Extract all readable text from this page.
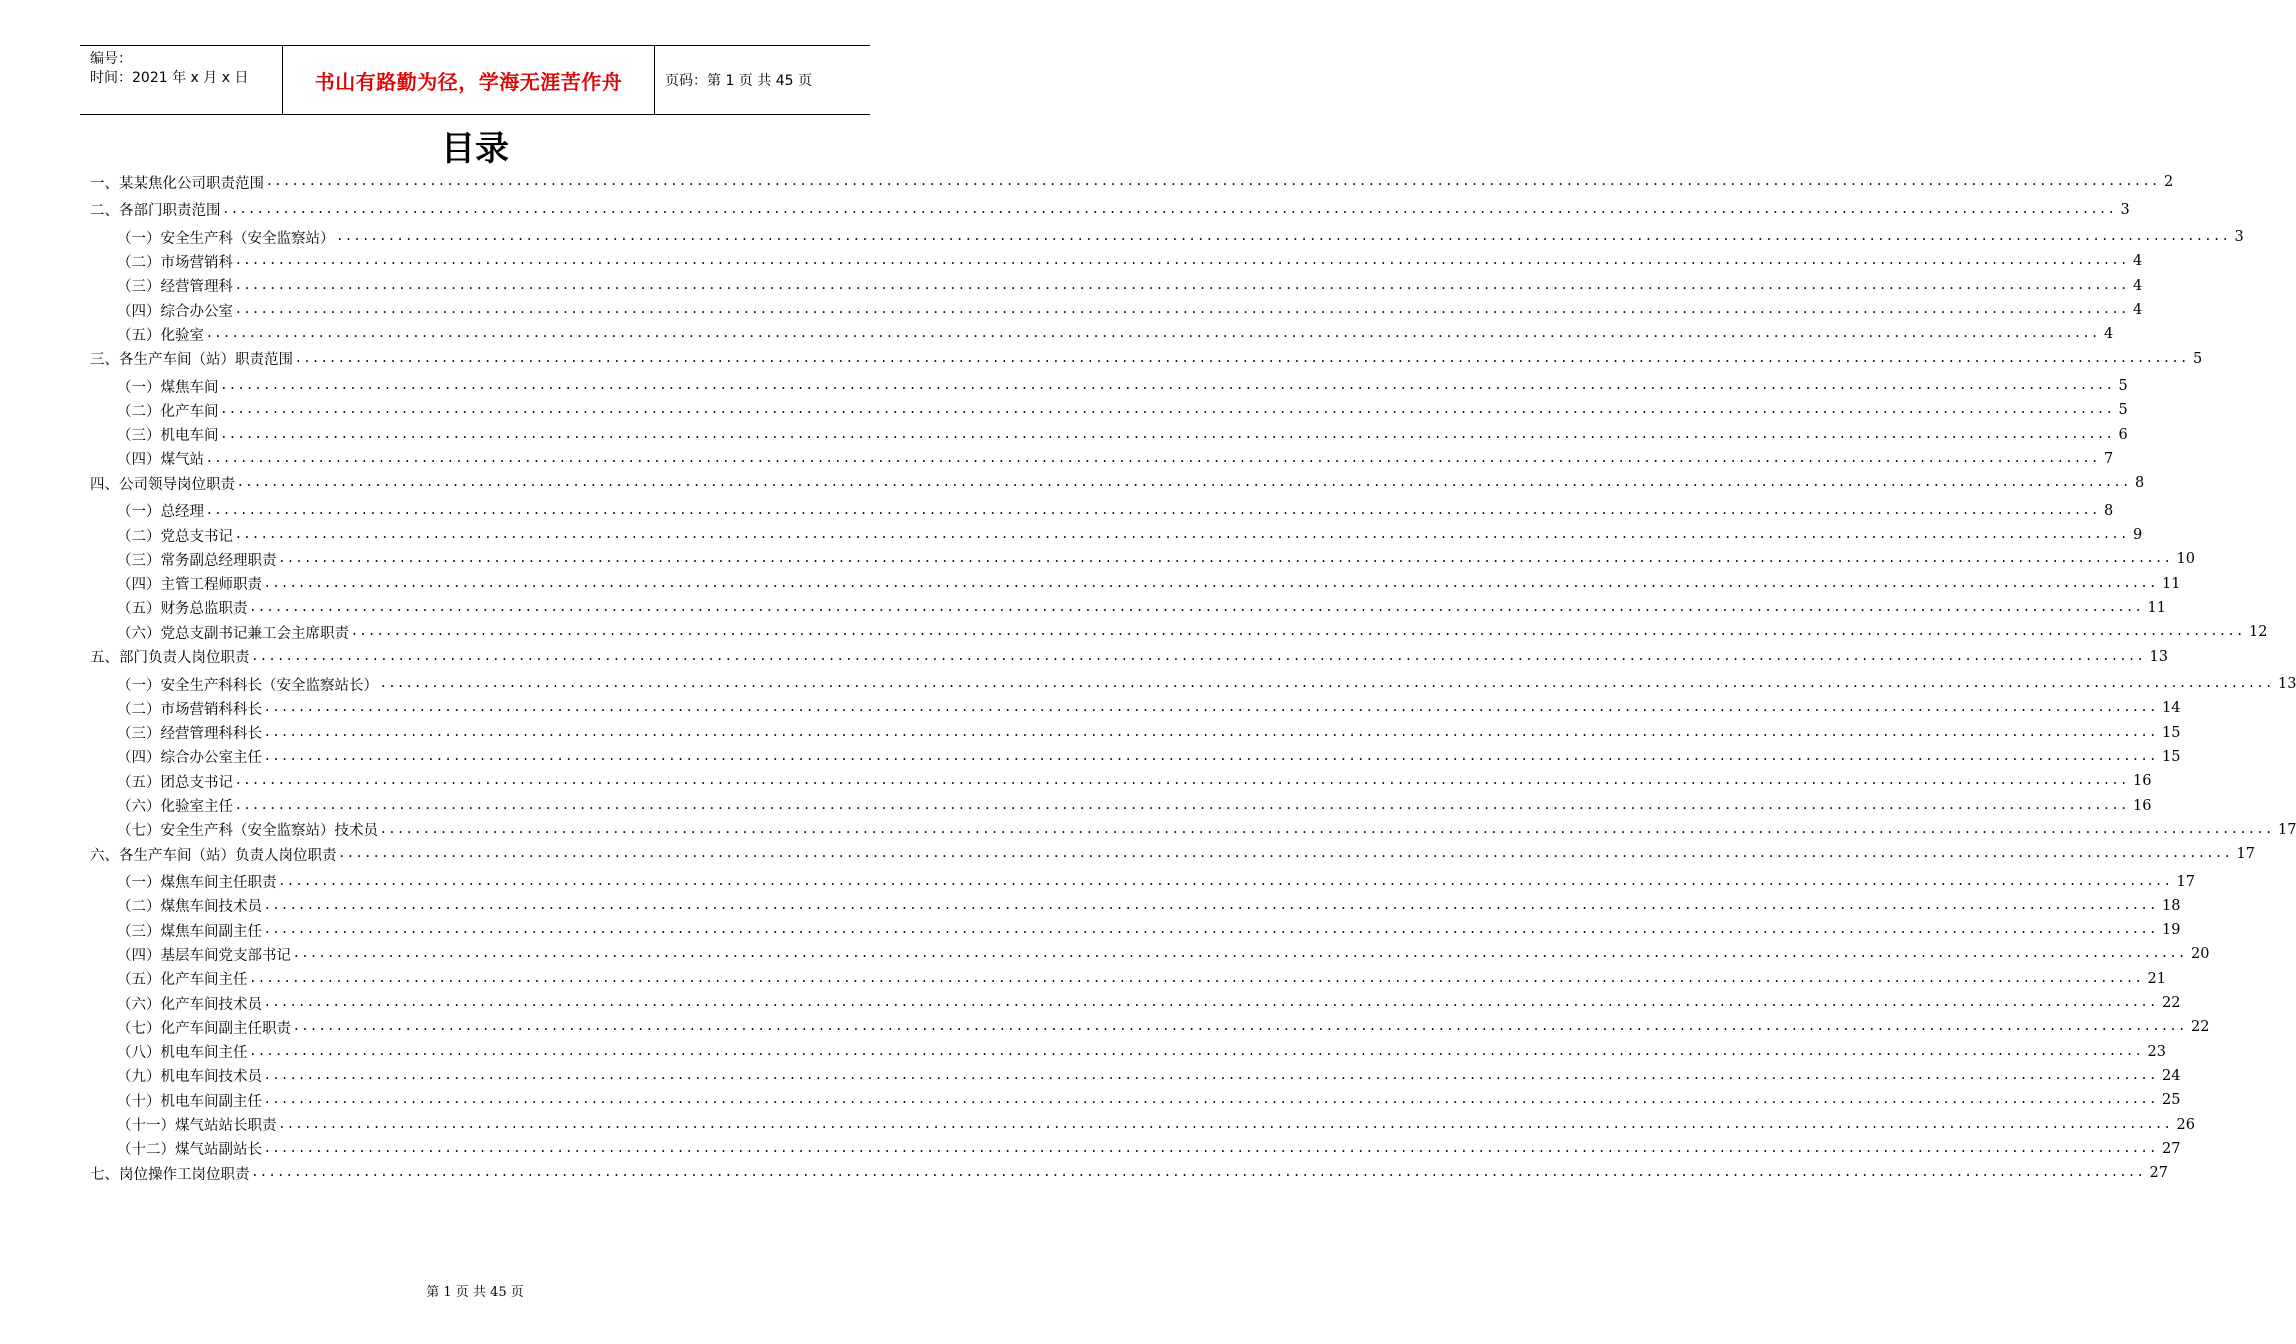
编号：
时间：2021 年 x 月 x 日	书山有路勤为径，学海无涯苦作舟	页码：第 1 页 共 45 页
目录
一、某某焦化公司职责范围 ............................................................................................................................................................................................................................ 2
二、各部门职责范围 ............................................................................................................................................................................................................................ 3
（一）安全生产科（安全监察站） ............................................................................................................................................................................................................................ 3
（二）市场营销科 ............................................................................................................................................................................................................................ 4
（三）经营管理科 ............................................................................................................................................................................................................................ 4
（四）综合办公室 ............................................................................................................................................................................................................................ 4
（五）化验室 ............................................................................................................................................................................................................................ 4
三、各生产车间（站）职责范围 ............................................................................................................................................................................................................................ 5
（一）煤焦车间 ............................................................................................................................................................................................................................ 5
（二）化产车间 ............................................................................................................................................................................................................................ 5
（三）机电车间 ............................................................................................................................................................................................................................ 6
（四）煤气站 ............................................................................................................................................................................................................................ 7
四、公司领导岗位职责 ............................................................................................................................................................................................................................ 8
（一）总经理 ............................................................................................................................................................................................................................ 8
（二）党总支书记 ............................................................................................................................................................................................................................ 9
（三）常务副总经理职责 ............................................................................................................................................................................................................................ 10
（四）主管工程师职责 ............................................................................................................................................................................................................................ 11
（五）财务总监职责 ............................................................................................................................................................................................................................ 11
（六）党总支副书记兼工会主席职责 ............................................................................................................................................................................................................................ 12
五、部门负责人岗位职责 ............................................................................................................................................................................................................................ 13
（一）安全生产科科长（安全监察站长） ............................................................................................................................................................................................................................ 13
（二）市场营销科科长 ............................................................................................................................................................................................................................ 14
（三）经营管理科科长 ............................................................................................................................................................................................................................ 15
（四）综合办公室主任 ............................................................................................................................................................................................................................ 15
（五）团总支书记 ............................................................................................................................................................................................................................ 16
（六）化验室主任 ............................................................................................................................................................................................................................ 16
（七）安全生产科（安全监察站）技术员 ............................................................................................................................................................................................................................ 17
六、各生产车间（站）负责人岗位职责 ............................................................................................................................................................................................................................ 17
（一）煤焦车间主任职责 ............................................................................................................................................................................................................................ 17
（二）煤焦车间技术员 ............................................................................................................................................................................................................................ 18
（三）煤焦车间副主任 ............................................................................................................................................................................................................................ 19
（四）基层车间党支部书记 ............................................................................................................................................................................................................................ 20
（五）化产车间主任 ............................................................................................................................................................................................................................ 21
（六）化产车间技术员 ............................................................................................................................................................................................................................ 22
（七）化产车间副主任职责 ............................................................................................................................................................................................................................ 22
（八）机电车间主任 ............................................................................................................................................................................................................................ 23
（九）机电车间技术员 ............................................................................................................................................................................................................................ 24
（十）机电车间副主任 ............................................................................................................................................................................................................................ 25
（十一）煤气站站长职责 ............................................................................................................................................................................................................................ 26
（十二）煤气站副站长 ............................................................................................................................................................................................................................ 27
七、岗位操作工岗位职责 ............................................................................................................................................................................................................................ 27
第 1 页 共 45 页
